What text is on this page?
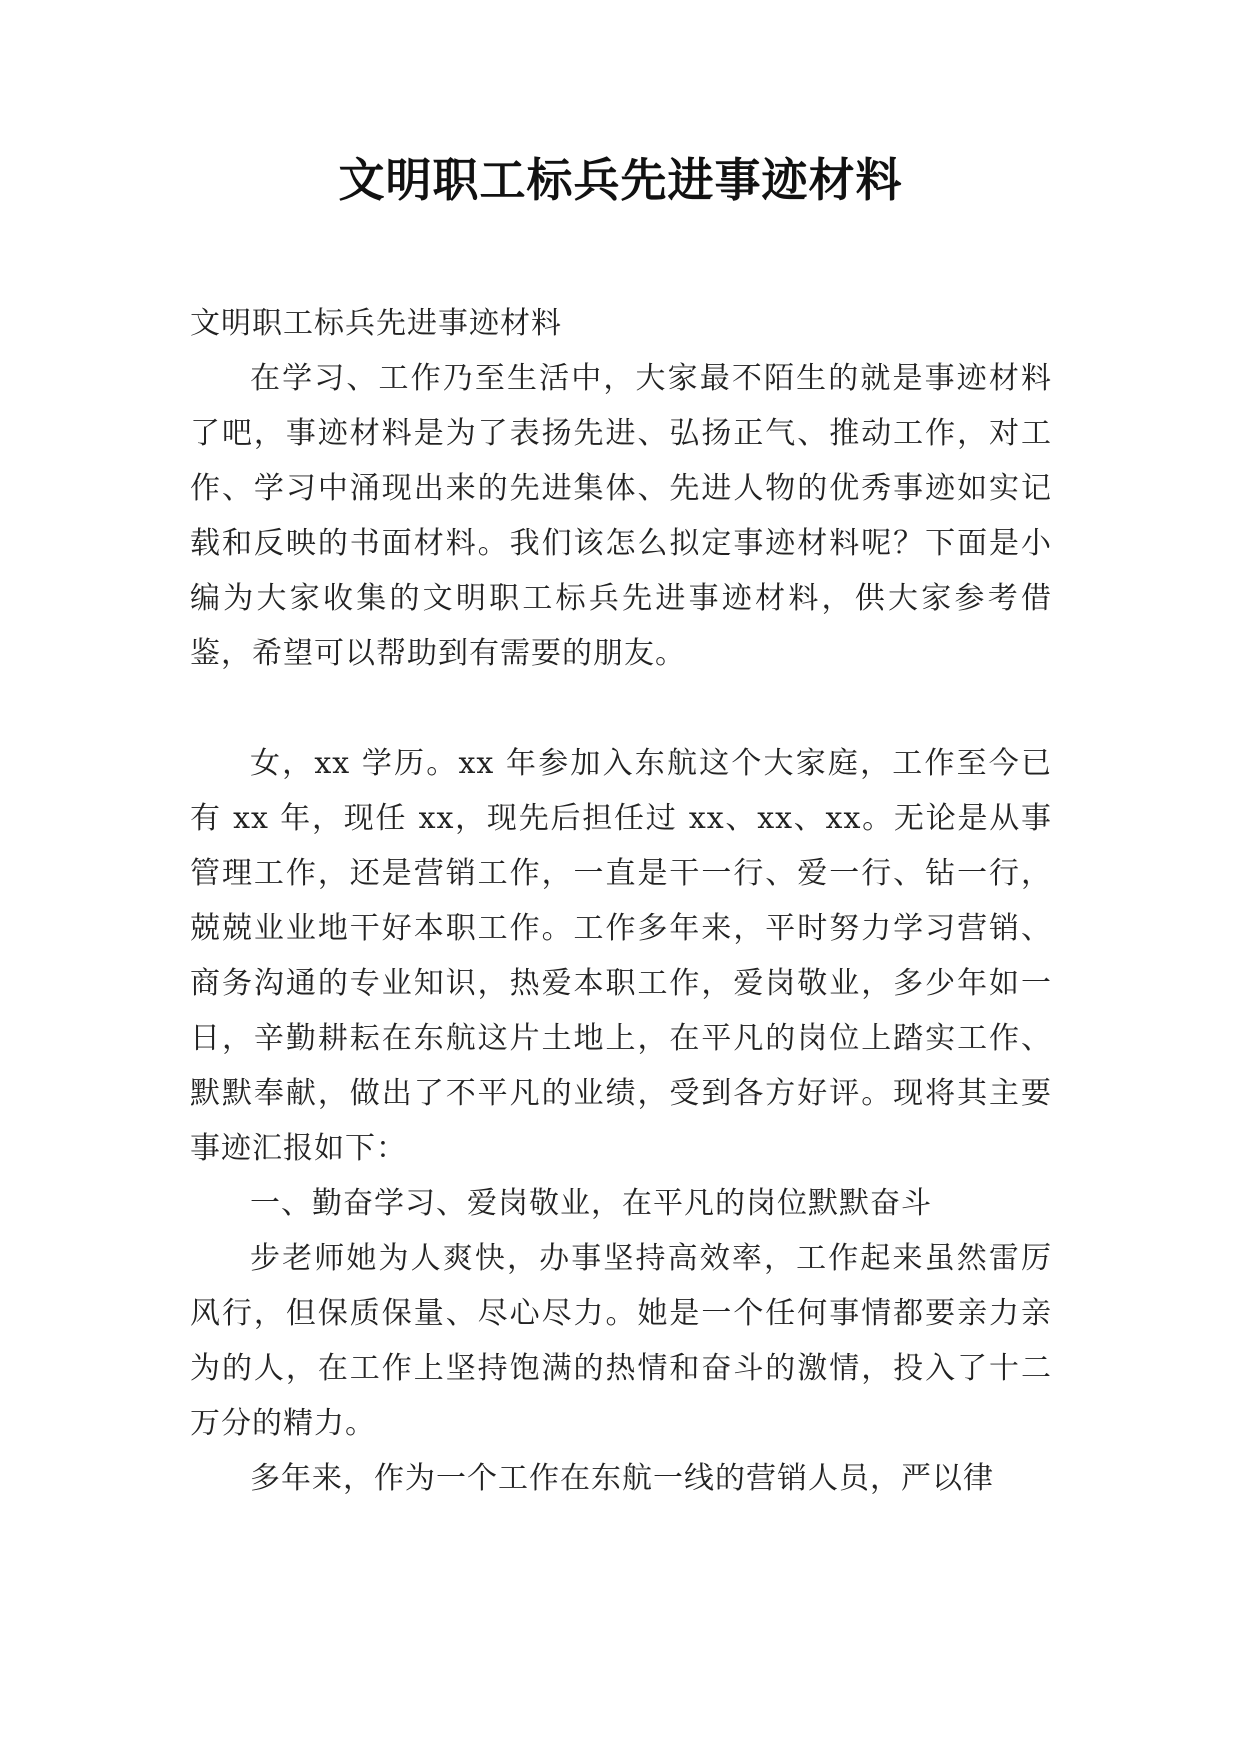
文明职工标兵先进事迹材料

文明职工标兵先进事迹材料

在学习、工作乃至生活中，大家最不陌生的就是事迹材料了吧，事迹材料是为了表扬先进、弘扬正气、推动工作，对工作、学习中涌现出来的先进集体、先进人物的优秀事迹如实记载和反映的书面材料。我们该怎么拟定事迹材料呢？下面是小编为大家收集的文明职工标兵先进事迹材料，供大家参考借鉴，希望可以帮助到有需要的朋友。

女，xx 学历。xx 年参加入东航这个大家庭，工作至今已有 xx 年，现任 xx，现先后担任过 xx、xx、xx。无论是从事管理工作，还是营销工作，一直是干一行、爱一行、钻一行，兢兢业业地干好本职工作。工作多年来，平时努力学习营销、商务沟通的专业知识，热爱本职工作，爱岗敬业，多少年如一日，辛勤耕耘在东航这片土地上，在平凡的岗位上踏实工作、默默奉献，做出了不平凡的业绩，受到各方好评。现将其主要事迹汇报如下：

一、勤奋学习、爱岗敬业，在平凡的岗位默默奋斗

步老师她为人爽快，办事坚持高效率，工作起来虽然雷厉风行，但保质保量、尽心尽力。她是一个任何事情都要亲力亲为的人，在工作上坚持饱满的热情和奋斗的激情，投入了十二万分的精力。

多年来，作为一个工作在东航一线的营销人员，严以律
